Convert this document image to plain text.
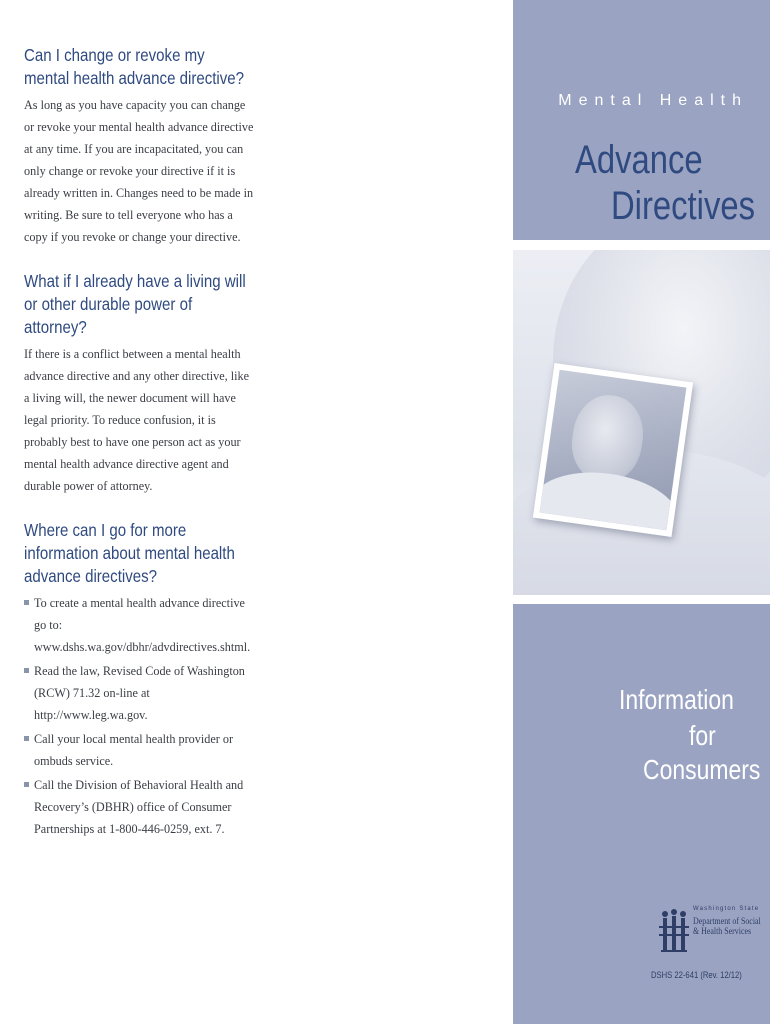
Can I change or revoke my
mental health advance directive?

As long as you have capacity you can change or revoke your mental health advance directive at any time. If you are incapacitated, you can only change or revoke your directive if it is already written in. Changes need to be made in writing. Be sure to tell everyone who has a copy if you revoke or change your directive.

What if I already have a living will
or other durable power of attorney?

If there is a conflict between a mental health advance directive and any other directive, like a living will, the newer document will have legal priority. To reduce confusion, it is probably best to have one person act as your mental health advance directive agent and durable power of attorney.

Where can I go for more
information about mental health
advance directives?
To create a mental health advance directive go to: www.dshs.wa.gov/dbhr/advdirectives.shtml.
Read the law, Revised Code of Washington (RCW) 71.32 on-line at http://www.leg.wa.gov.
Call your local mental health provider or ombuds service.
Call the Division of Behavioral Health and Recovery’s (DBHR) office of Consumer Partnerships at 1-800-446-0259, ext. 7.
Mental Health
Advance
Directives
Information
for
Consumers
Washington State
Department of Social
& Health Services
DSHS 22-641 (Rev. 12/12)
